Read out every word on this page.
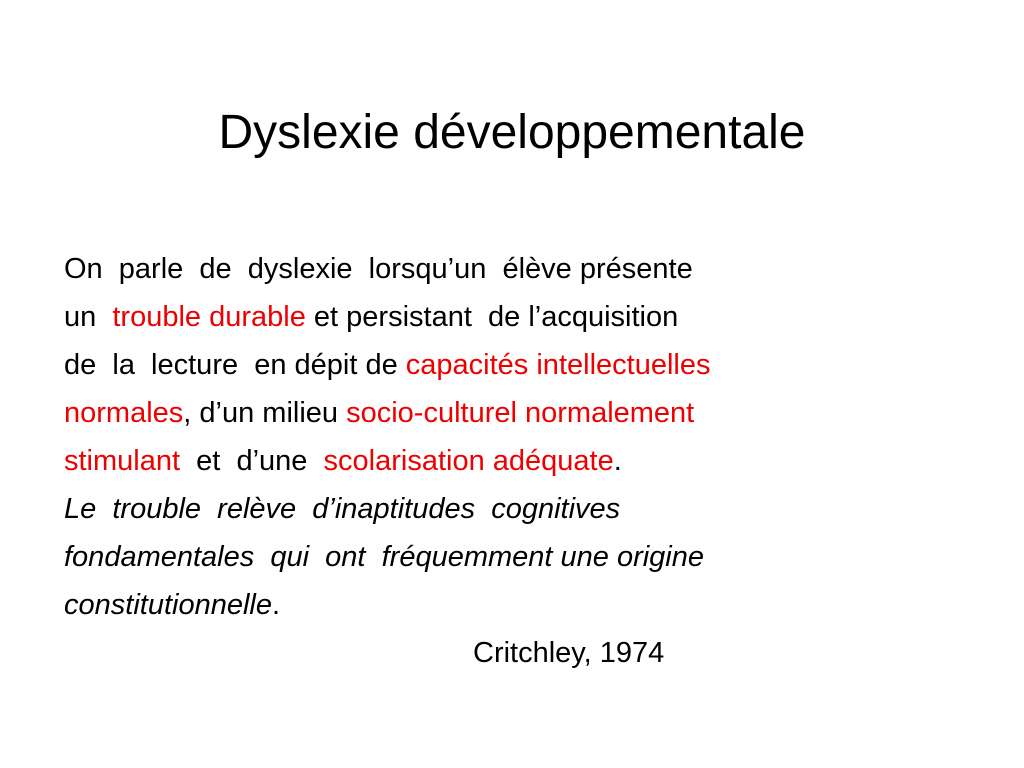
Dyslexie développementale
On  parle  de  dyslexie  lorsqu’un  élève présente
un  trouble durable et persistant  de l’acquisition
de  la  lecture  en dépit de capacités intellectuelles
normales, d’un milieu socio-culturel normalement
stimulant  et  d’une  scolarisation adéquate.
Le  trouble  relève  d’inaptitudes  cognitives
fondamentales  qui  ont  fréquemment une origine
constitutionnelle.
Critchley, 1974
